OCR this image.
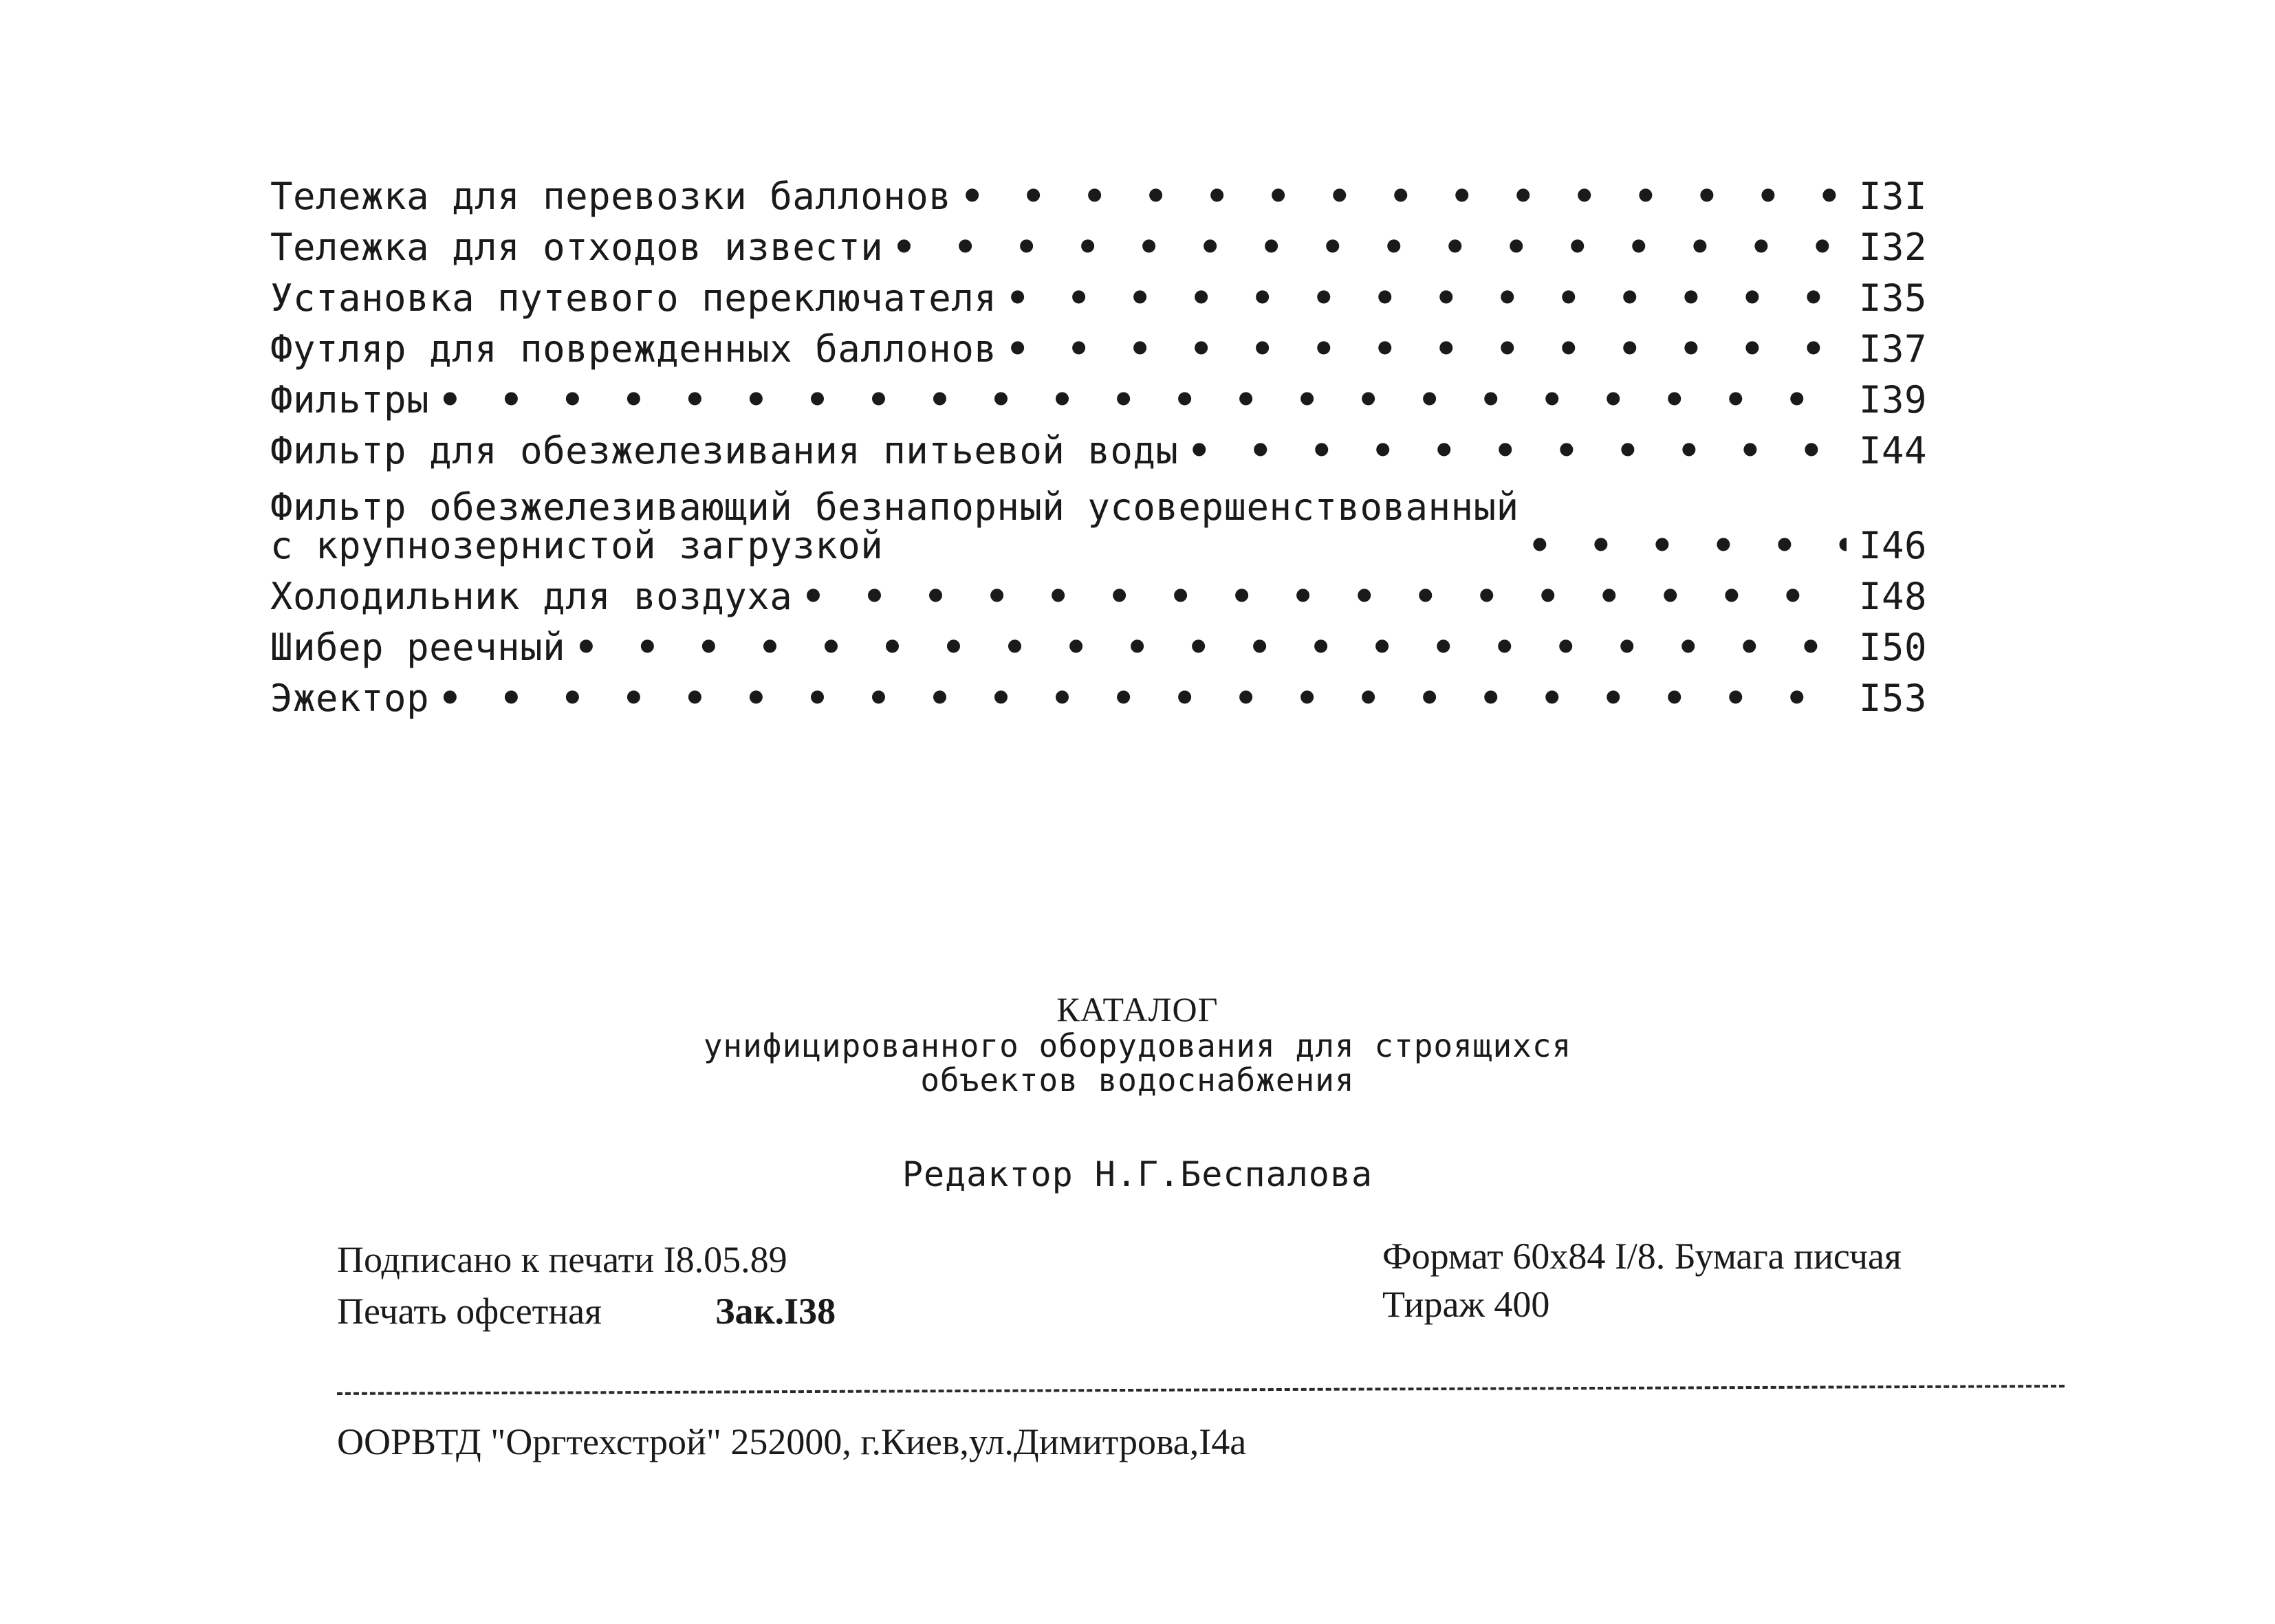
Тележка для перевозки баллонов • • •	I3I
Тележка для отходов извести • • •	I32
Установка путевого переключателя • • •	I35
Футляр для поврежденных баллонов • • •	I37
Фильтры • • •	I39
Фильтр для обезжелезивания питьевой воды • • •	I44
Фильтр обезжелезивающий безнапорный усовершенствованный
с крупнозернистой загрузкой • • •	I46
Холодильник для воздуха • • •	I48
Шибер реечный • • •	I50
Эжектор • • •	I53
КАТАЛОГ
унифицированного оборудования для строящихся
объектов водоснабжения
Редактор Н.Г.Беспалова
Подписано к печати I8.05.89
Печать офсетная	Зак.I38
Формат 60х84 I/8. Бумага писчая
Тираж 400
ООРВТД "Оргтехстрой" 252000, г.Киев,ул.Димитрова,I4а
